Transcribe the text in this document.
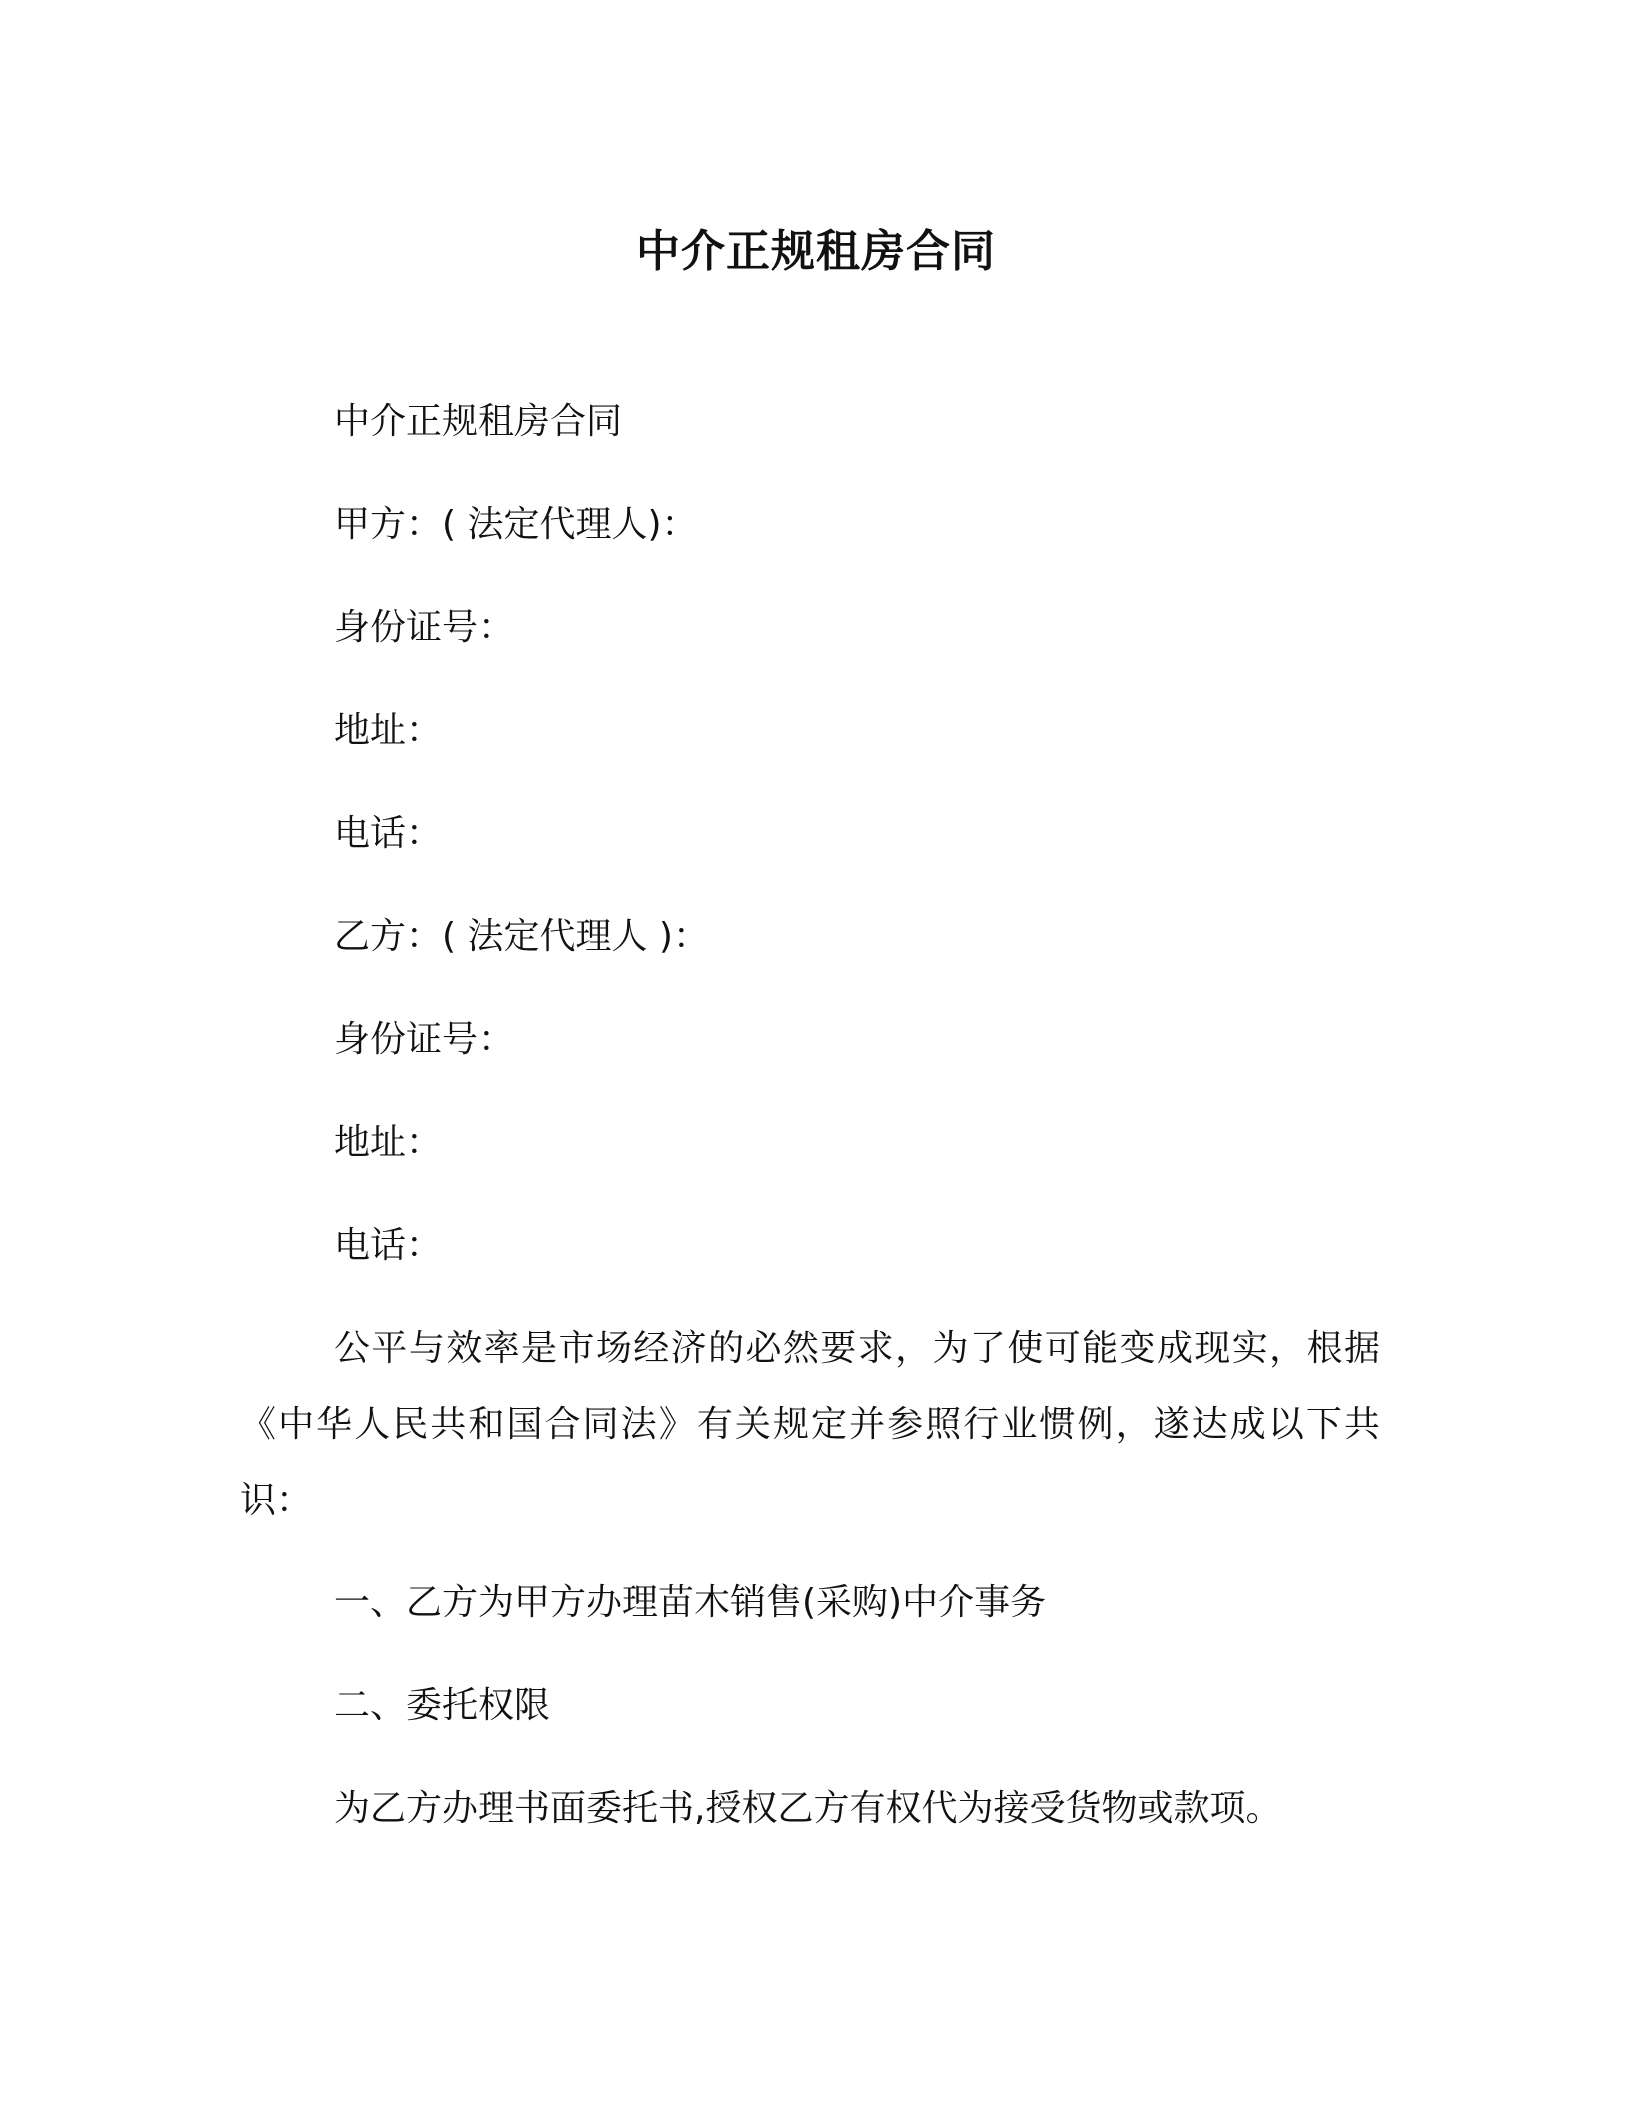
中介正规租房合同
中介正规租房合同
甲方：( 法定代理人)：
身份证号：
地址：
电话：
乙方：( 法定代理人 )：
身份证号：
地址：
电话：
公平与效率是市场经济的必然要求，为了使可能变成现实，根据《中华人民共和国合同法》有关规定并参照行业惯例，遂达成以下共识：
一、乙方为甲方办理苗木销售(采购)中介事务
二、委托权限
为乙方办理书面委托书,授权乙方有权代为接受货物或款项。
